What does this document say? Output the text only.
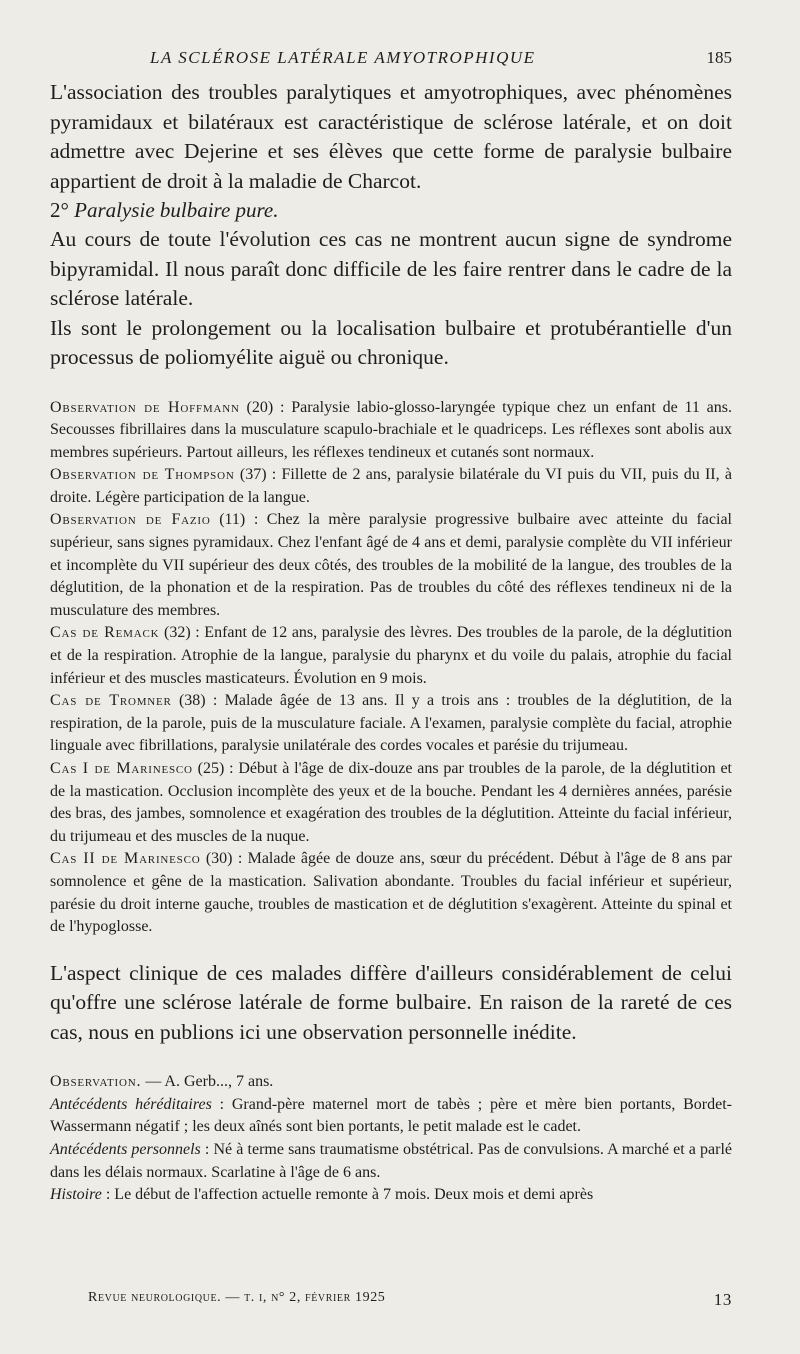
LA SCLÉROSE LATÉRALE AMYOTROPHIQUE	185

L'association des troubles paralytiques et amyotrophiques, avec phénomènes pyramidaux et bilatéraux est caractéristique de sclérose latérale, et on doit admettre avec Dejerine et ses élèves que cette forme de paralysie bulbaire appartient de droit à la maladie de Charcot.

2° Paralysie bulbaire pure.

Au cours de toute l'évolution ces cas ne montrent aucun signe de syndrome bipyramidal. Il nous paraît donc difficile de les faire rentrer dans le cadre de la sclérose latérale.

Ils sont le prolongement ou la localisation bulbaire et protubérantielle d'un processus de poliomyélite aiguë ou chronique.

Observation de Hoffmann (20) : Paralysie labio-glosso-laryngée typique chez un enfant de 11 ans. Secousses fibrillaires dans la musculature scapulo-brachiale et le quadriceps. Les réflexes sont abolis aux membres supérieurs. Partout ailleurs, les réflexes tendineux et cutanés sont normaux.

Observation de Thompson (37) : Fillette de 2 ans, paralysie bilatérale du VI puis du VII, puis du II, à droite. Légère participation de la langue.

Observation de Fazio (11) : Chez la mère paralysie progressive bulbaire avec atteinte du facial supérieur, sans signes pyramidaux. Chez l'enfant âgé de 4 ans et demi, paralysie complète du VII inférieur et incomplète du VII supérieur des deux côtés, des troubles de la mobilité de la langue, des troubles de la déglutition, de la phonation et de la respiration. Pas de troubles du côté des réflexes tendineux ni de la musculature des membres.

Cas de Remack (32) : Enfant de 12 ans, paralysie des lèvres. Des troubles de la parole, de la déglutition et de la respiration. Atrophie de la langue, paralysie du pharynx et du voile du palais, atrophie du facial inférieur et des muscles masticateurs. Évolution en 9 mois.

Cas de Tromner (38) : Malade âgée de 13 ans. Il y a trois ans : troubles de la déglutition, de la respiration, de la parole, puis de la musculature faciale. A l'examen, paralysie complète du facial, atrophie linguale avec fibrillations, paralysie unilatérale des cordes vocales et parésie du trijumeau.

Cas I de Marinesco (25) : Début à l'âge de dix-douze ans par troubles de la parole, de la déglutition et de la mastication. Occlusion incomplète des yeux et de la bouche. Pendant les 4 dernières années, parésie des bras, des jambes, somnolence et exagération des troubles de la déglutition. Atteinte du facial inférieur, du trijumeau et des muscles de la nuque.

Cas II de Marinesco (30) : Malade âgée de douze ans, sœur du précédent. Début à l'âge de 8 ans par somnolence et gêne de la mastication. Salivation abondante. Troubles du facial inférieur et supérieur, parésie du droit interne gauche, troubles de mastication et de déglutition s'exagèrent. Atteinte du spinal et de l'hypoglosse.

L'aspect clinique de ces malades diffère d'ailleurs considérablement de celui qu'offre une sclérose latérale de forme bulbaire. En raison de la rareté de ces cas, nous en publions ici une observation personnelle inédite.

Observation. — A. Gerb..., 7 ans.

Antécédents héréditaires : Grand-père maternel mort de tabès ; père et mère bien portants, Bordet-Wassermann négatif ; les deux aînés sont bien portants, le petit malade est le cadet.

Antécédents personnels : Né à terme sans traumatisme obstétrical. Pas de convulsions. A marché et a parlé dans les délais normaux. Scarlatine à l'âge de 6 ans.

Histoire : Le début de l'affection actuelle remonte à 7 mois. Deux mois et demi après

Revue neurologique. — t. i, n° 2, février 1925	13
